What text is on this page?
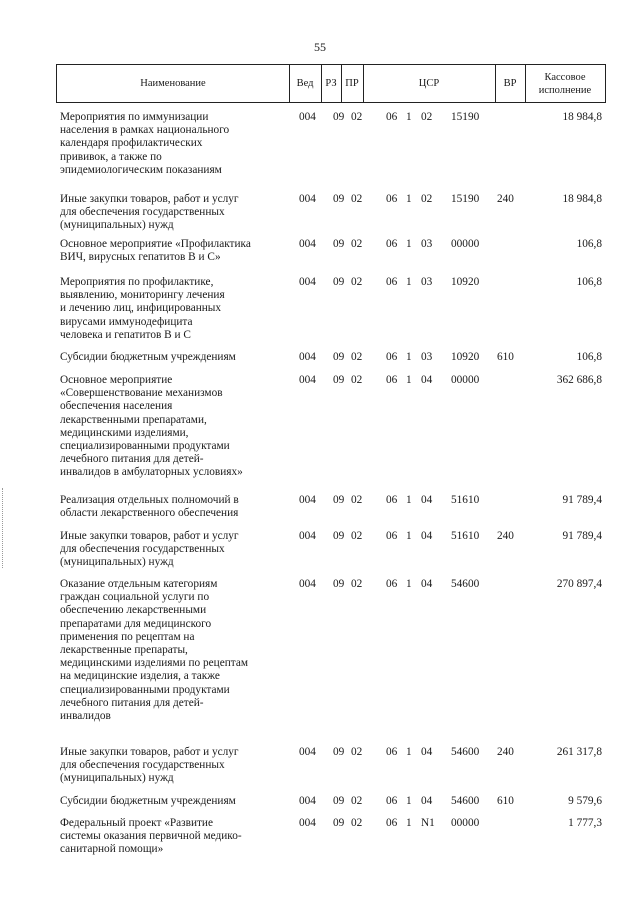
55
Наименование	Вед	РЗ ПР	ЦСР	ВР
Кассовое
исполнение
Мероприятия по иммунизации
населения в рамках национального
календаря профилактических
прививок, а также по
эпидемиологическим показаниям
004 09 02 06 1 02 15190	18 984,8
Иные закупки товаров, работ и услуг
для обеспечения государственных
(муниципальных) нужд
004 09 02 06 1 02 15190 240	18 984,8
Основное мероприятие «Профилактика
ВИЧ, вирусных гепатитов В и С»
004 09 02 06 1 03 00000	106,8
Мероприятия по профилактике,
выявлению, мониторингу лечения
и лечению лиц, инфицированных
вирусами иммунодефицита
человека и гепатитов В и С
004 09 02 06 1 03 10920	106,8
Субсидии бюджетным учреждениям	004 09 02 06 1 03 10920 610	106,8
Основное мероприятие
«Совершенствование механизмов
обеспечения населения
лекарственными препаратами,
медицинскими изделиями,
специализированными продуктами
лечебного питания для детей-
инвалидов в амбулаторных условиях»
004 09 02 06 1 04 00000	362 686,8
Реализация отдельных полномочий в
области лекарственного обеспечения
004 09 02 06 1 04 51610	91 789,4
Иные закупки товаров, работ и услуг
для обеспечения государственных
(муниципальных) нужд
004 09 02 06 1 04 51610 240	91 789,4
Оказание отдельным категориям
граждан социальной услуги по
обеспечению лекарственными
препаратами для медицинского
применения по рецептам на
лекарственные препараты,
медицинскими изделиями по рецептам
на медицинские изделия, а также
специализированными продуктами
лечебного питания для детей-
инвалидов
004 09 02 06 1 04 54600	270 897,4
Иные закупки товаров, работ и услуг
для обеспечения государственных
(муниципальных) нужд
004 09 02 06 1 04 54600 240	261 317,8
Субсидии бюджетным учреждениям	004 09 02 06 1 04 54600 610	9 579,6
Федеральный проект «Развитие
системы оказания первичной медико-
санитарной помощи»
004 09 02 06 1 N1 00000	1 777,3
